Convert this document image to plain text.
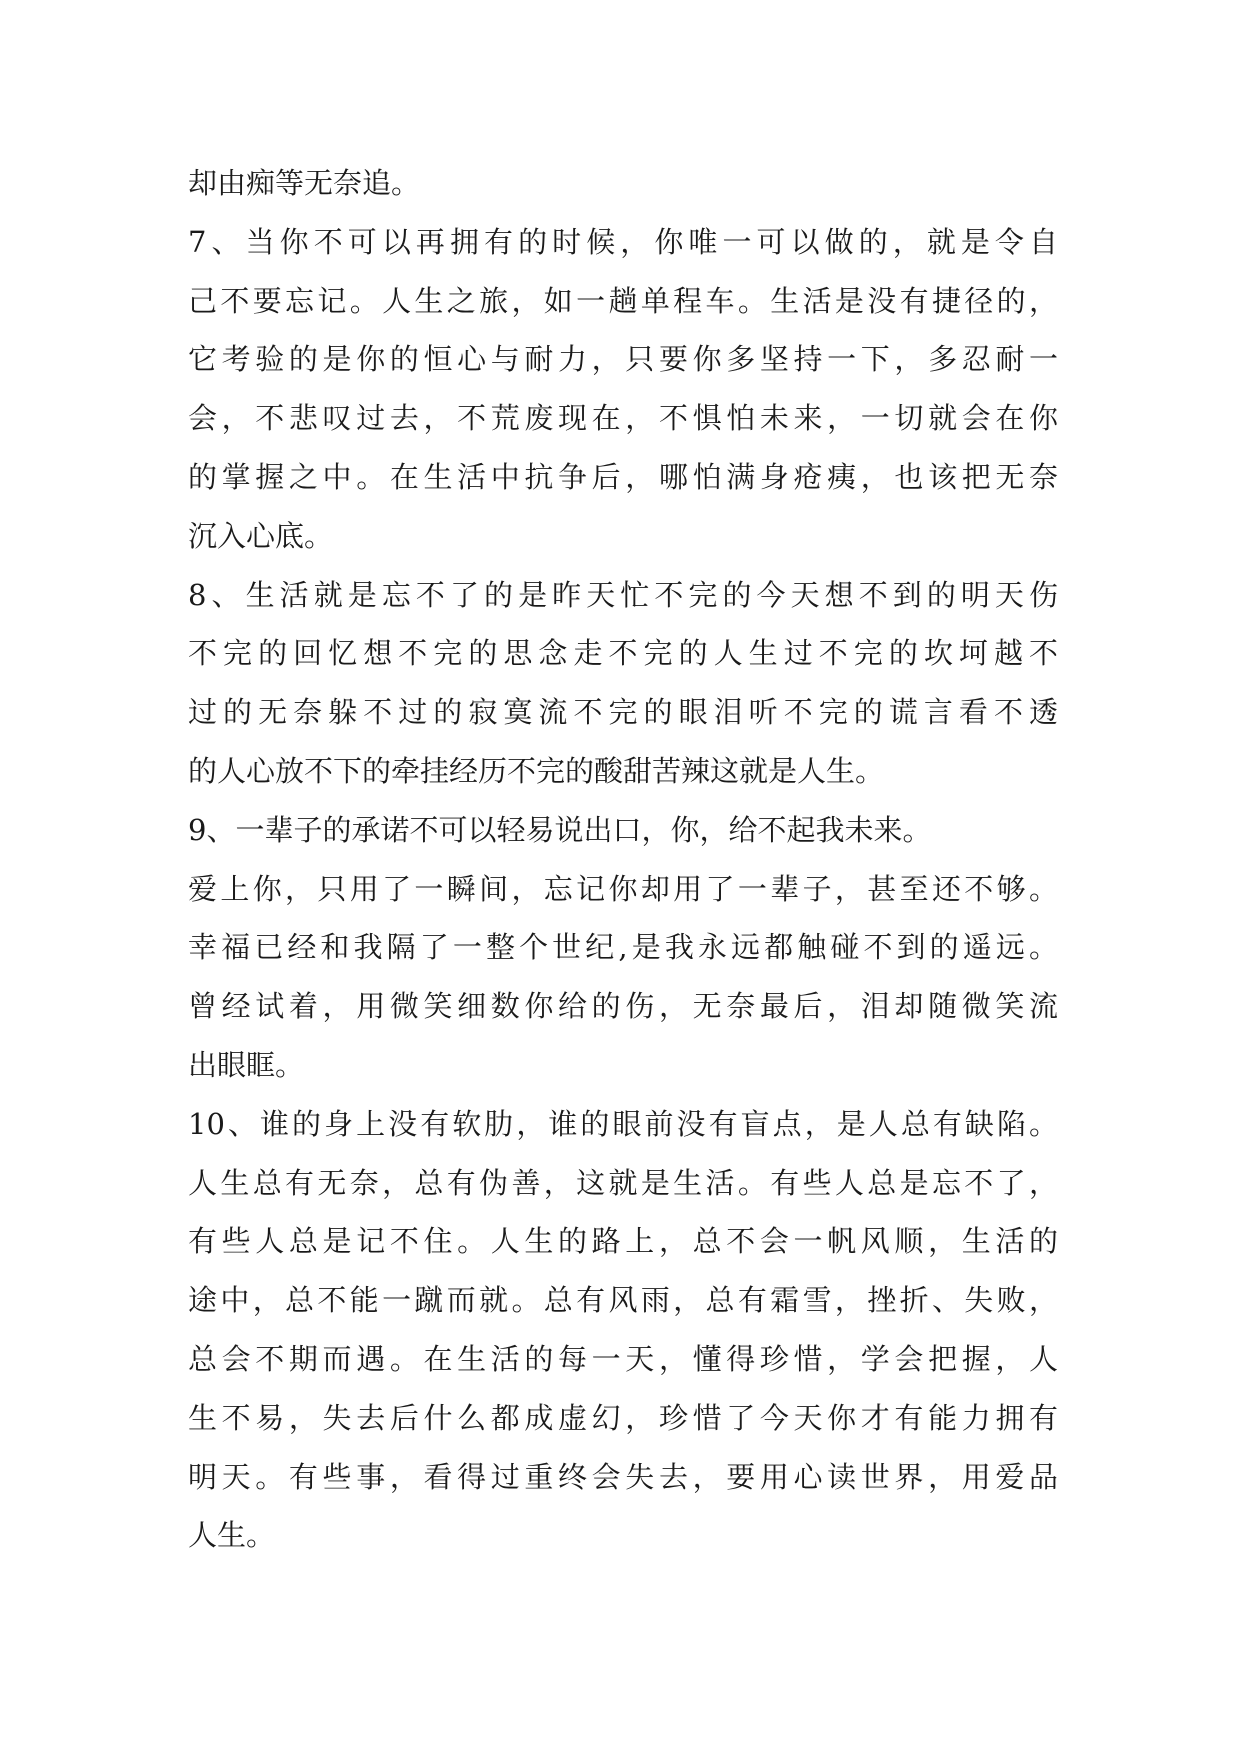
却由痴等无奈追。

7、当你不可以再拥有的时候，你唯一可以做的，就是令自

己不要忘记。人生之旅，如一趟单程车。生活是没有捷径的，

它考验的是你的恒心与耐力，只要你多坚持一下，多忍耐一

会，不悲叹过去，不荒废现在，不惧怕未来，一切就会在你

的掌握之中。在生活中抗争后，哪怕满身疮痍，也该把无奈

沉入心底。

8、生活就是忘不了的是昨天忙不完的今天想不到的明天伤

不完的回忆想不完的思念走不完的人生过不完的坎坷越不

过的无奈躲不过的寂寞流不完的眼泪听不完的谎言看不透

的人心放不下的牵挂经历不完的酸甜苦辣这就是人生。

9、一辈子的承诺不可以轻易说出口，你，给不起我未来。

爱上你，只用了一瞬间，忘记你却用了一辈子，甚至还不够。

幸福已经和我隔了一整个世纪,是我永远都触碰不到的遥远。

曾经试着，用微笑细数你给的伤，无奈最后，泪却随微笑流

出眼眶。

10、谁的身上没有软肋，谁的眼前没有盲点，是人总有缺陷。

人生总有无奈，总有伪善，这就是生活。有些人总是忘不了，

有些人总是记不住。人生的路上，总不会一帆风顺，生活的

途中，总不能一蹴而就。总有风雨，总有霜雪，挫折、失败，

总会不期而遇。在生活的每一天，懂得珍惜，学会把握，人

生不易，失去后什么都成虚幻，珍惜了今天你才有能力拥有

明天。有些事，看得过重终会失去，要用心读世界，用爱品

人生。
